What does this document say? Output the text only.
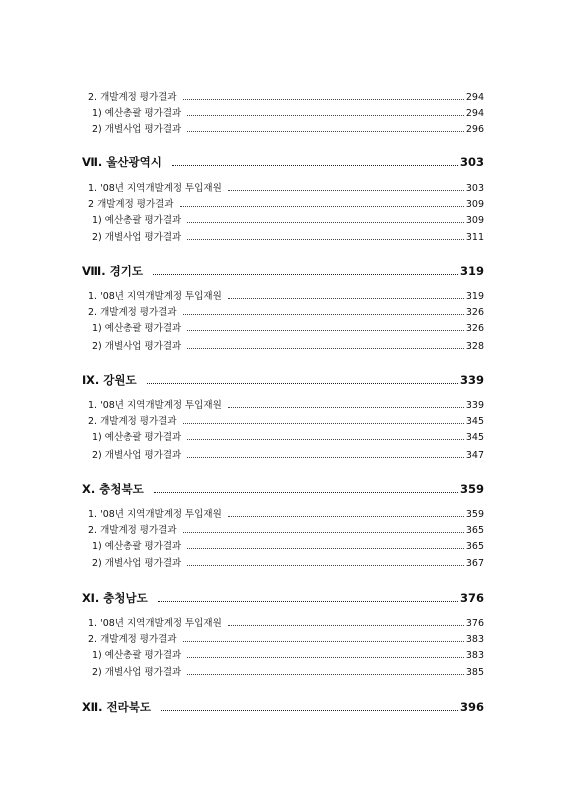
2. 개발계정 평가결과	294
1) 예산총괄 평가결과	294
2) 개별사업 평가결과	296
Ⅶ. 울산광역시	303
1. '08년 지역개발계정 투입재원	303
2 개발계정 평가결과	309
1) 예산총괄 평가결과	309
2) 개별사업 평가결과	311
Ⅷ. 경기도	319
1. '08년 지역개발계정 투입재원	319
2. 개발계정 평가결과	326
1) 예산총괄 평가결과	326
2) 개별사업 평가결과	328
Ⅸ. 강원도	339
1. '08년 지역개발계정 투입재원	339
2. 개발계정 평가결과	345
1) 예산총괄 평가결과	345
2) 개별사업 평가결과	347
Ⅹ. 충청북도	359
1. '08년 지역개발계정 투입재원	359
2. 개발계정 평가결과	365
1) 예산총괄 평가결과	365
2) 개별사업 평가결과	367
Ⅺ. 충청남도	376
1. '08년 지역개발계정 투입재원	376
2. 개발계정 평가결과	383
1) 예산총괄 평가결과	383
2) 개별사업 평가결과	385
Ⅻ. 전라북도	396
